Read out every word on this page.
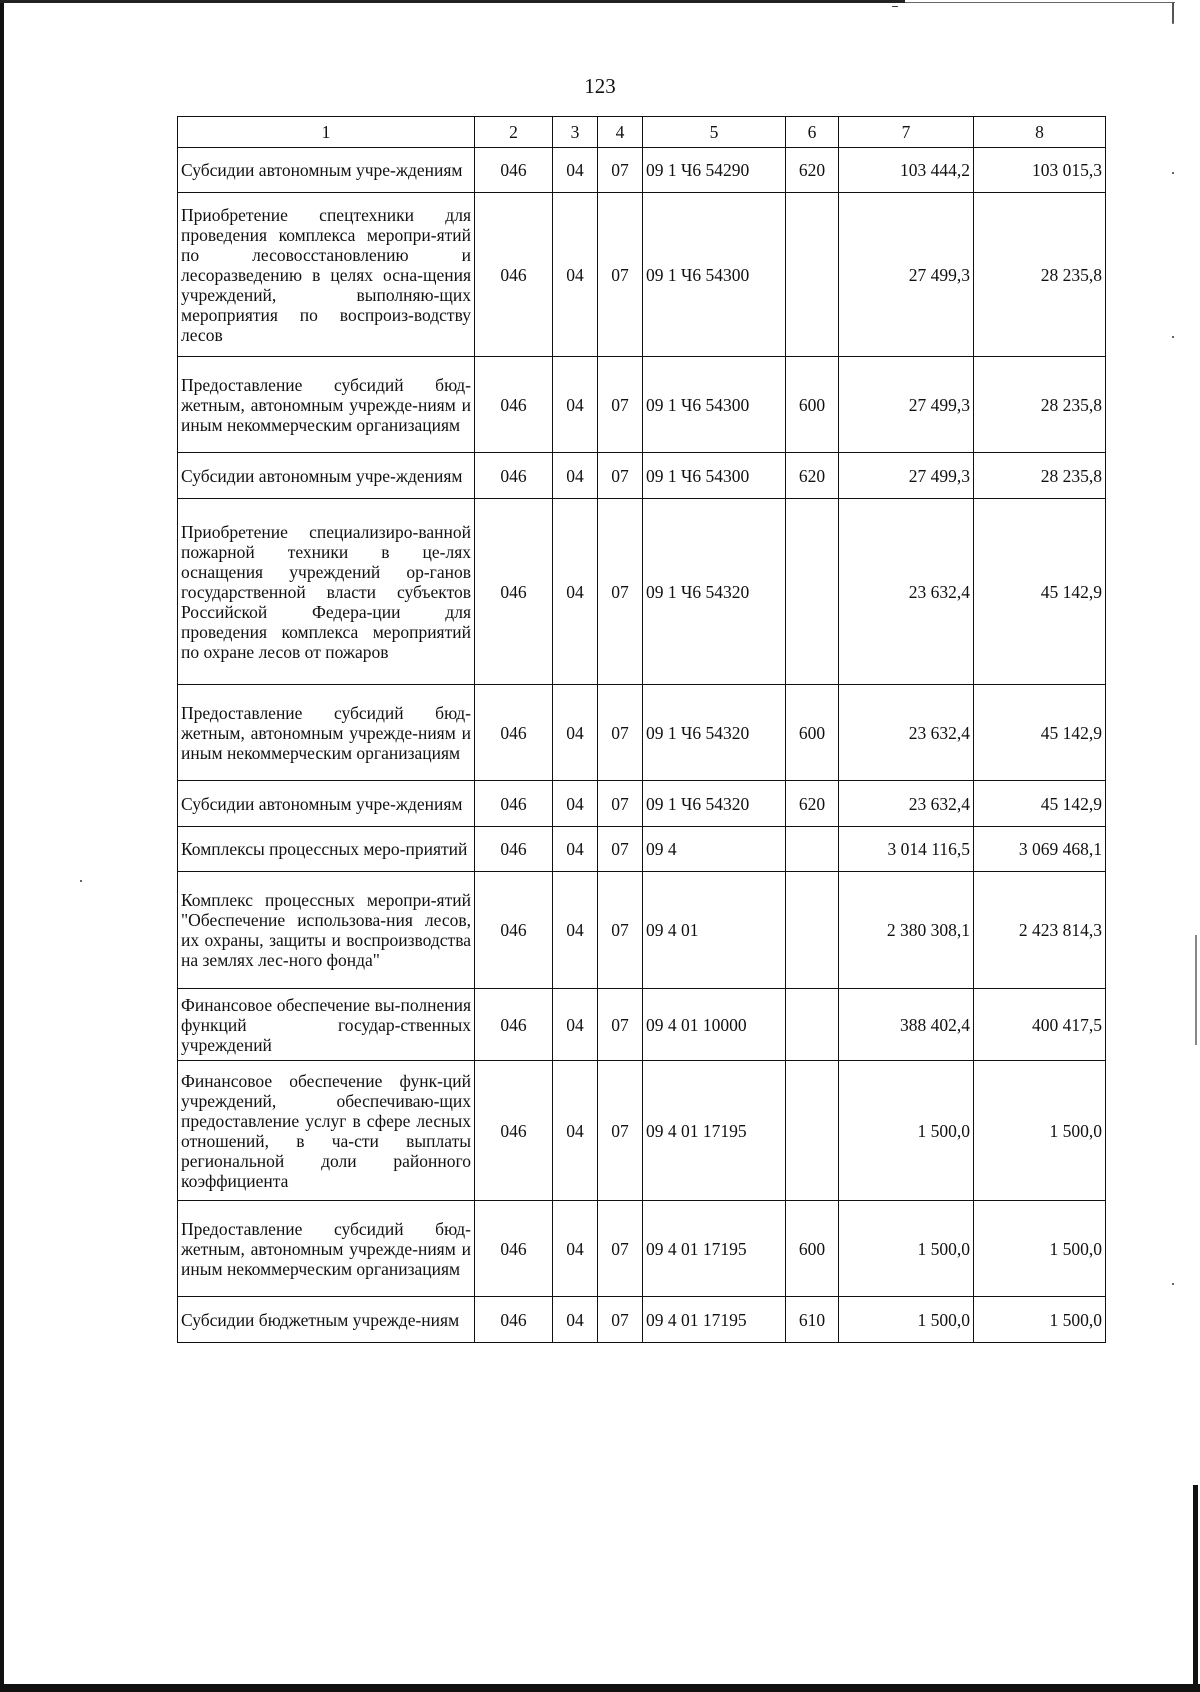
123
1	2	3	4	5	6	7	8
Субсидии автономным учре-ждениям	046	04	07	09 1 Ч6 54290	620	103 444,2	103 015,3
Приобретение спецтехники для проведения комплекса меропри-ятий по лесовосстановлению и лесоразведению в целях осна-щения учреждений, выполняю-щих мероприятия по воспроиз-водству лесов	046	04	07	09 1 Ч6 54300		27 499,3	28 235,8
Предоставление субсидий бюд-жетным, автономным учрежде-ниям и иным некоммерческим организациям	046	04	07	09 1 Ч6 54300	600	27 499,3	28 235,8
Субсидии автономным учре-ждениям	046	04	07	09 1 Ч6 54300	620	27 499,3	28 235,8
Приобретение специализиро-ванной пожарной техники в це-лях оснащения учреждений ор-ганов государственной власти субъектов Российской Федера-ции для проведения комплекса мероприятий по охране лесов от пожаров	046	04	07	09 1 Ч6 54320		23 632,4	45 142,9
Предоставление субсидий бюд-жетным, автономным учрежде-ниям и иным некоммерческим организациям	046	04	07	09 1 Ч6 54320	600	23 632,4	45 142,9
Субсидии автономным учре-ждениям	046	04	07	09 1 Ч6 54320	620	23 632,4	45 142,9
Комплексы процессных меро-приятий	046	04	07	09 4		3 014 116,5	3 069 468,1
Комплекс процессных меропри-ятий "Обеспечение использова-ния лесов, их охраны, защиты и воспроизводства на землях лес-ного фонда"	046	04	07	09 4 01		2 380 308,1	2 423 814,3
Финансовое обеспечение вы-полнения функций государ-ственных учреждений	046	04	07	09 4 01 10000		388 402,4	400 417,5
Финансовое обеспечение функ-ций учреждений, обеспечиваю-щих предоставление услуг в сфере лесных отношений, в ча-сти выплаты региональной доли районного коэффициента	046	04	07	09 4 01 17195		1 500,0	1 500,0
Предоставление субсидий бюд-жетным, автономным учрежде-ниям и иным некоммерческим организациям	046	04	07	09 4 01 17195	600	1 500,0	1 500,0
Субсидии бюджетным учрежде-ниям	046	04	07	09 4 01 17195	610	1 500,0	1 500,0
